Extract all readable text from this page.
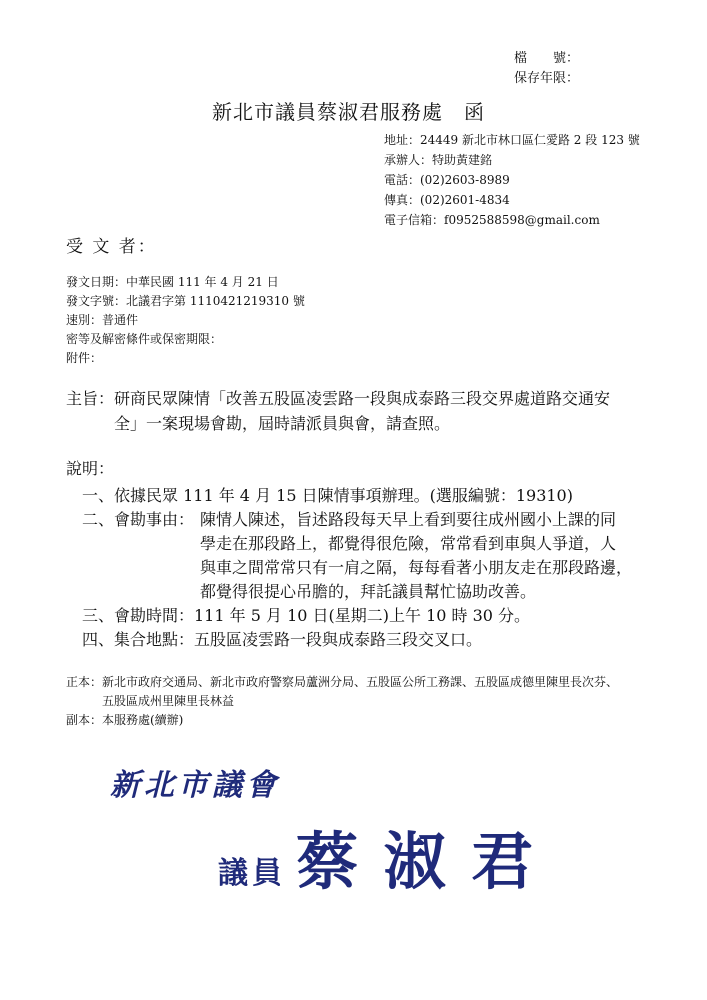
檔　　號：
保存年限：
新北市議員蔡淑君服務處　函
地址：24449 新北市林口區仁愛路 2 段 123 號
承辦人：特助黃建銘
電話：(02)2603-8989
傳真：(02)2601-4834
電子信箱：f0952588598@gmail.com
受 文 者：
發文日期：中華民國 111 年 4 月 21 日
發文字號：北議君字第 1110421219310 號
速別：普通件
密等及解密條件或保密期限：
附件：
主旨： 研商民眾陳情「改善五股區凌雲路一段與成泰路三段交界處道路交通安
全」一案現場會勘，屆時請派員與會，請查照。
說明：
一、依據民眾 111 年 4 月 15 日陳情事項辦理。(選服編號：19310)
二、會勘事由： 陳情人陳述，旨述路段每天早上看到要往成州國小上課的同
學走在那段路上，都覺得很危險，常常看到車與人爭道，人
與車之間常常只有一肩之隔，每每看著小朋友走在那段路邊，
都覺得很提心吊膽的，拜託議員幫忙協助改善。
三、會勘時間：111 年 5 月 10 日(星期二)上午 10 時 30 分。
四、集合地點：五股區凌雲路一段與成泰路三段交叉口。
正本：新北市政府交通局、新北市政府警察局蘆洲分局、五股區公所工務課、五股區成德里陳里長次芬、
五股區成州里陳里長林益
副本：本服務處(續辦)
新北市議會
議員 蔡 淑 君
